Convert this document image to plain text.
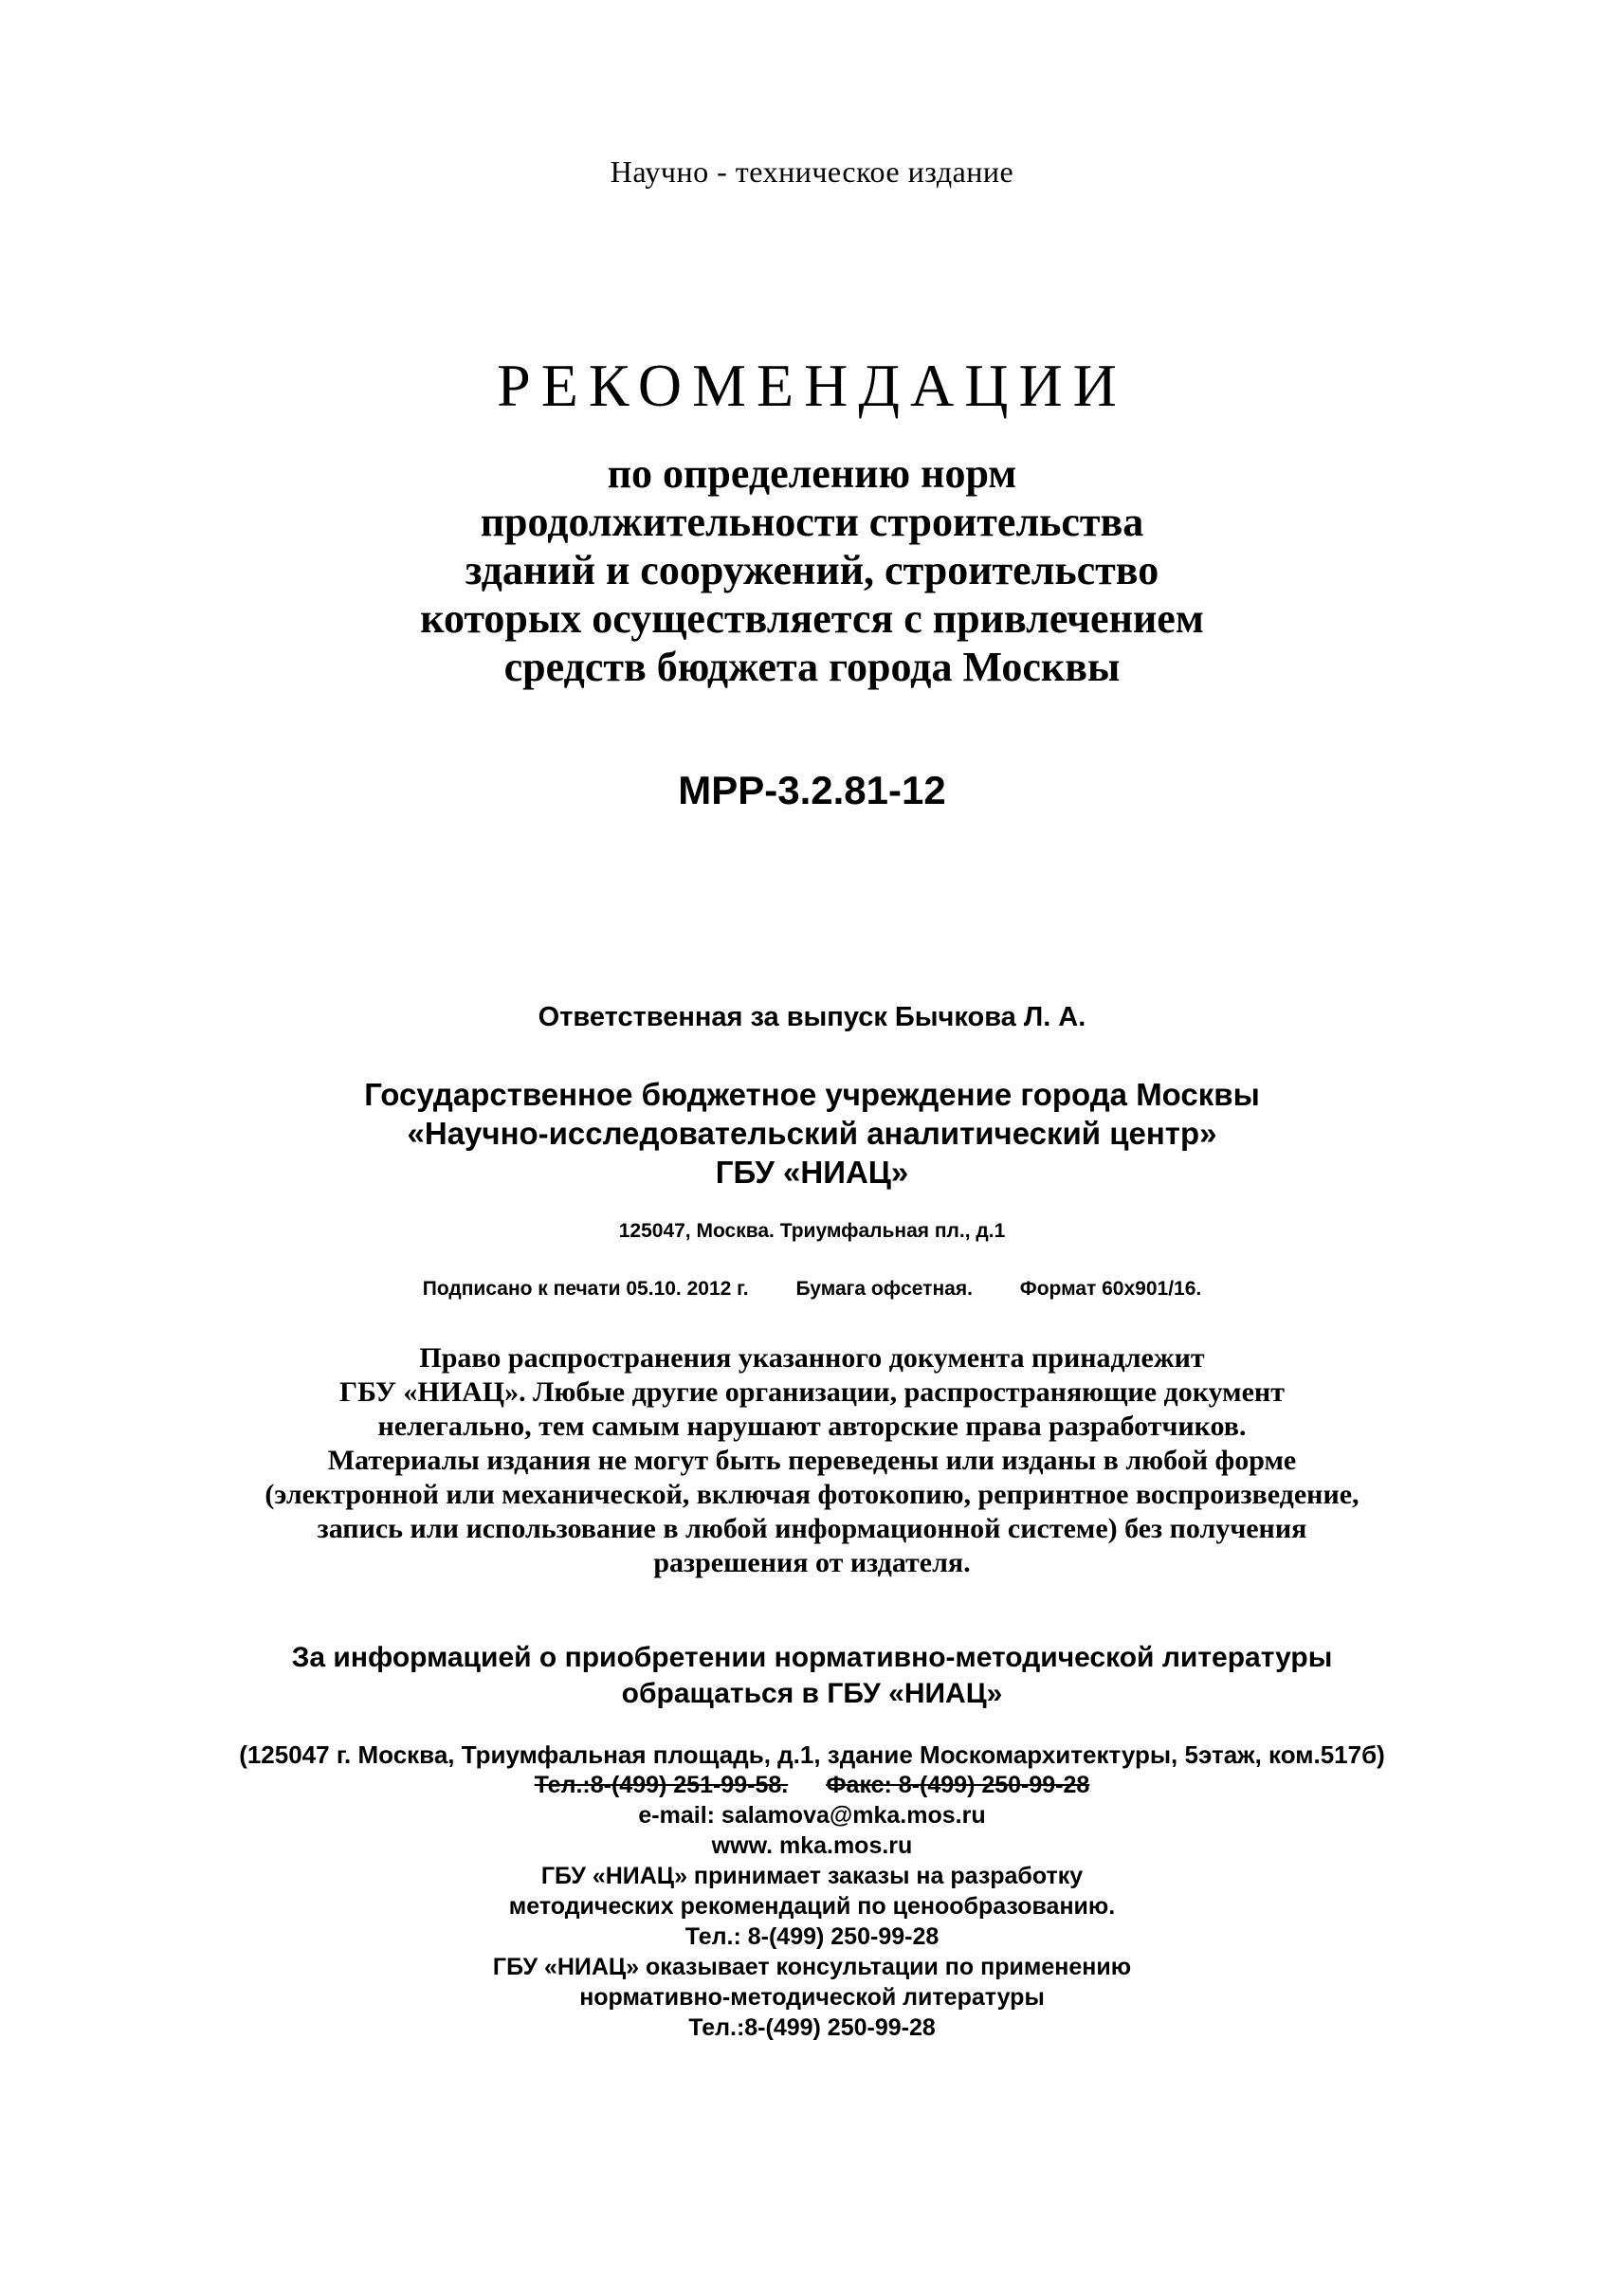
Научно - техническое издание
РЕКОМЕНДАЦИИ
по определению норм
продолжительности строительства
зданий и сооружений, строительство
которых осуществляется с привлечением
средств бюджета города Москвы
МРР-3.2.81-12
Ответственная за выпуск Бычкова Л. А.
Государственное бюджетное учреждение города Москвы
«Научно-исследовательский аналитический центр»
ГБУ «НИАЦ»
125047, Москва. Триумфальная пл., д.1
Подписано к печати 05.10. 2012 г. Бумага офсетная. Формат 60х901/16.
Право распространения указанного документа принадлежит
ГБУ «НИАЦ». Любые другие организации, распространяющие документ
нелегально, тем самым нарушают авторские права разработчиков.
Материалы издания не могут быть переведены или изданы в любой форме
(электронной или механической, включая фотокопию, репринтное воспроизведение,
запись или использование в любой информационной системе) без получения
разрешения от издателя.
За информацией о приобретении нормативно-методической литературы
обращаться в ГБУ «НИАЦ»
(125047 г. Москва, Триумфальная площадь, д.1, здание Москомархитектуры, 5этаж, ком.517б)
Тел.:8-(499) 251-99-58. Факс: 8-(499) 250-99-28
e-mail: salamova@mka.mos.ru
www. mka.mos.ru
ГБУ «НИАЦ» принимает заказы на разработку
методических рекомендаций по ценообразованию.
Тел.: 8-(499) 250-99-28
ГБУ «НИАЦ» оказывает консультации по применению
нормативно-методической литературы
Тел.:8-(499) 250-99-28
